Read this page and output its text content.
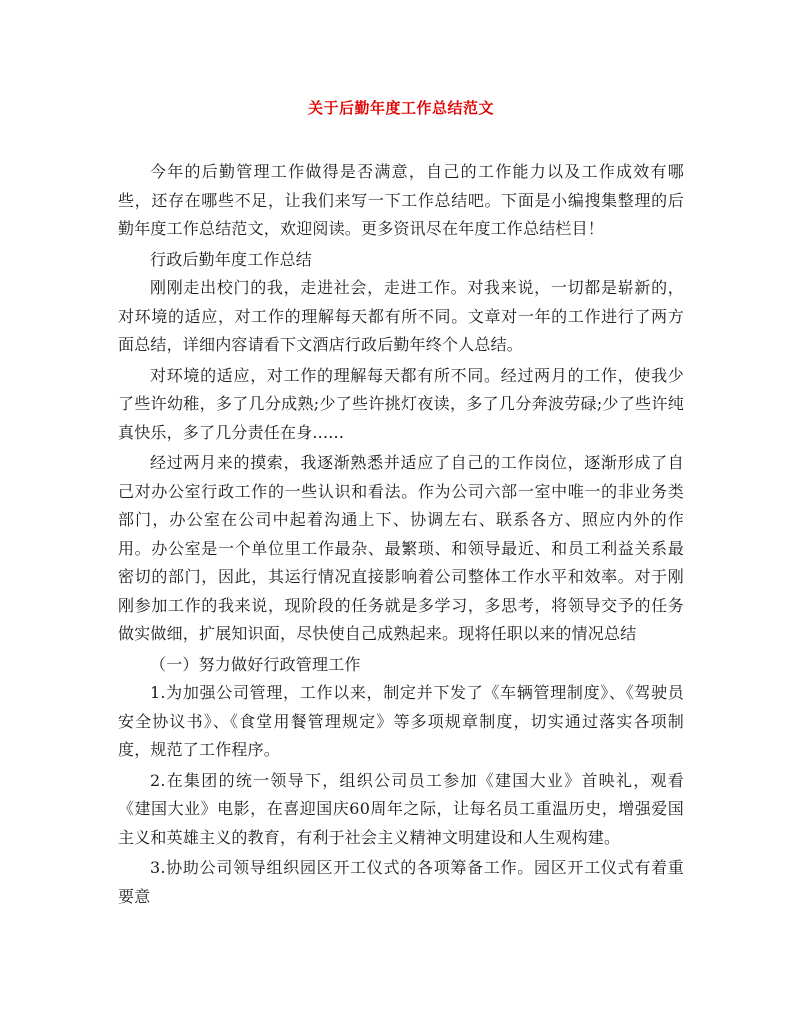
关于后勤年度工作总结范文

今年的后勤管理工作做得是否满意，自己的工作能力以及工作成效有哪些，还存在哪些不足，让我们来写一下工作总结吧。下面是小编搜集整理的后勤年度工作总结范文，欢迎阅读。更多资讯尽在年度工作总结栏目！

行政后勤年度工作总结

刚刚走出校门的我，走进社会，走进工作。对我来说，一切都是崭新的，对环境的适应，对工作的理解每天都有所不同。文章对一年的工作进行了两方面总结，详细内容请看下文酒店行政后勤年终个人总结。

对环境的适应，对工作的理解每天都有所不同。经过两月的工作，使我少了些许幼稚，多了几分成熟;少了些许挑灯夜读，多了几分奔波劳碌;少了些许纯真快乐，多了几分责任在身......

经过两月来的摸索，我逐渐熟悉并适应了自己的工作岗位，逐渐形成了自己对办公室行政工作的一些认识和看法。作为公司六部一室中唯一的非业务类部门，办公室在公司中起着沟通上下、协调左右、联系各方、照应内外的作用。办公室是一个单位里工作最杂、最繁琐、和领导最近、和员工利益关系最密切的部门，因此，其运行情况直接影响着公司整体工作水平和效率。对于刚刚参加工作的我来说，现阶段的任务就是多学习，多思考，将领导交予的任务做实做细，扩展知识面，尽快使自己成熟起来。现将任职以来的情况总结

（一）努力做好行政管理工作

1.为加强公司管理，工作以来，制定并下发了《车辆管理制度》、《驾驶员安全协议书》、《食堂用餐管理规定》等多项规章制度，切实通过落实各项制度，规范了工作程序。

2.在集团的统一领导下，组织公司员工参加《建国大业》首映礼，观看《建国大业》电影，在喜迎国庆60周年之际，让每名员工重温历史，增强爱国主义和英雄主义的教育，有利于社会主义精神文明建设和人生观构建。

3.协助公司领导组织园区开工仪式的各项筹备工作。园区开工仪式有着重要意
